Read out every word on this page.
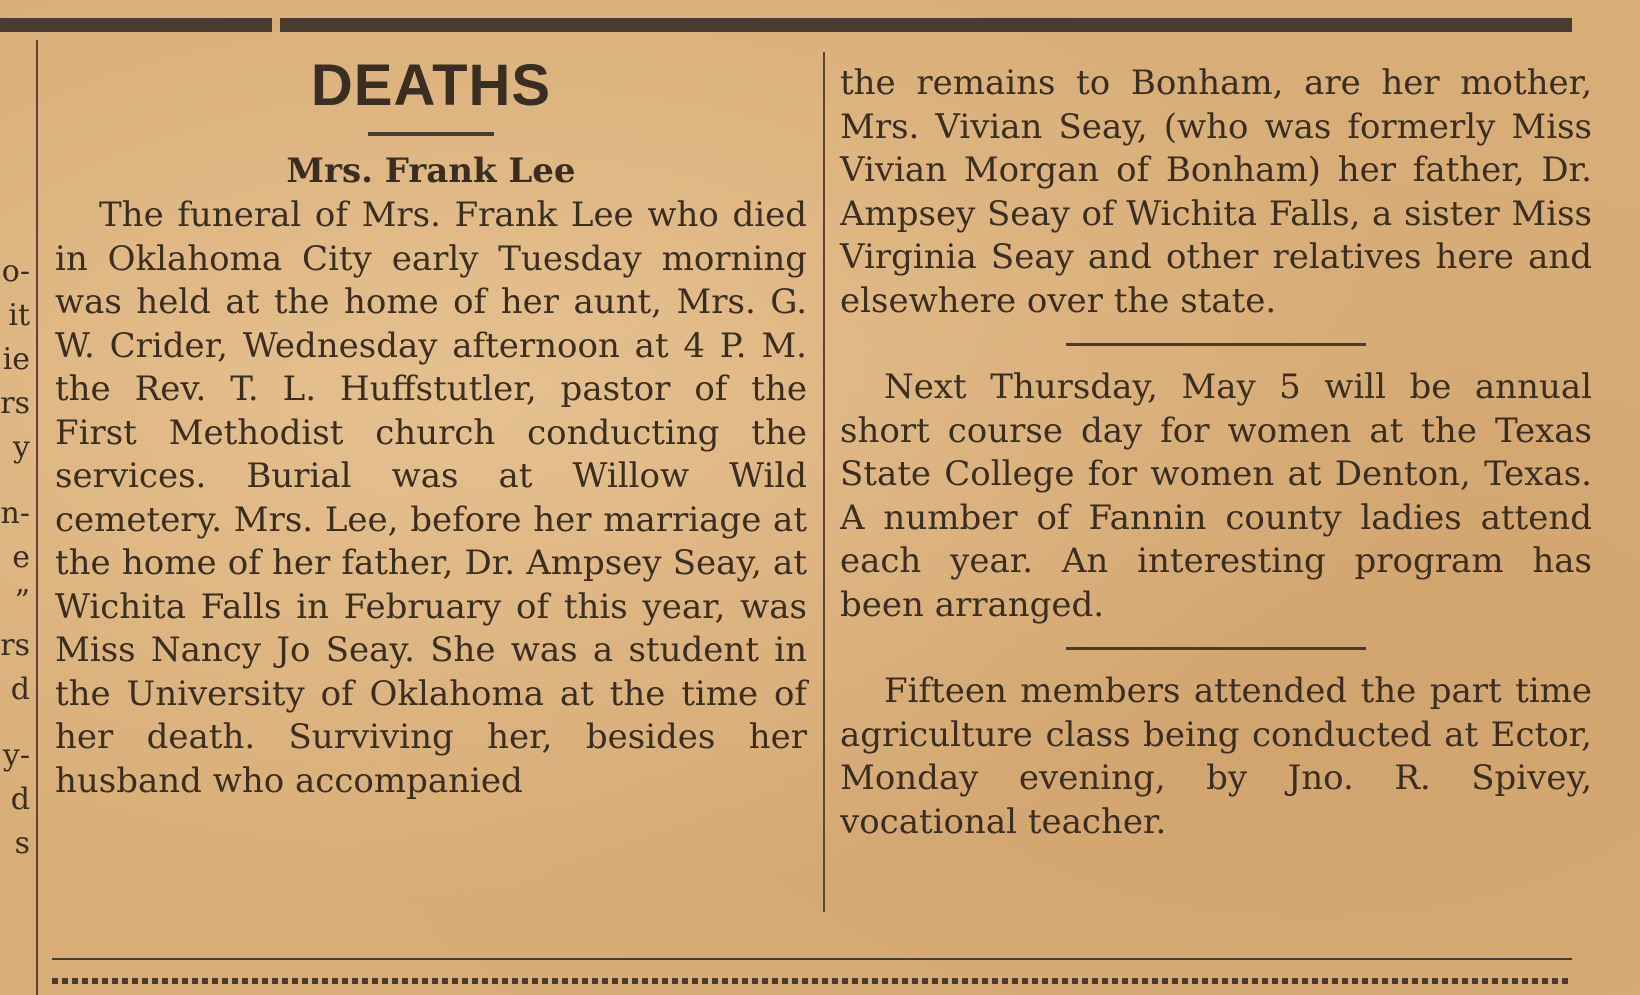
o-
it
ie
rs
y
n-
e
”
rs
d
y-
d
s
DEATHS
Mrs. Frank Lee

The funeral of Mrs. Frank Lee who died in Oklahoma City early Tuesday morning was held at the home of her aunt, Mrs. G. W. Crider, Wednesday afternoon at 4 P. M. the Rev. T. L. Huffstutler, pastor of the First Methodist church conducting the services. Burial was at Willow Wild cemetery. Mrs. Lee, before her marriage at the home of her father, Dr. Ampsey Seay, at Wichita Falls in February of this year, was Miss Nancy Jo Seay. She was a student in the University of Oklahoma at the time of her death. Surviving her, besides her husband who accompanied

the remains to Bonham, are her mother, Mrs. Vivian Seay, (who was formerly Miss Vivian Morgan of Bonham) her father, Dr. Ampsey Seay of Wichita Falls, a sister Miss Virginia Seay and other relatives here and elsewhere over the state.

Next Thursday, May 5 will be annual short course day for women at the Texas State College for women at Denton, Texas. A number of Fannin county ladies attend each year. An interesting program has been arranged.

Fifteen members attended the part time agriculture class being conducted at Ector, Monday evening, by Jno. R. Spivey, vocational teacher.
